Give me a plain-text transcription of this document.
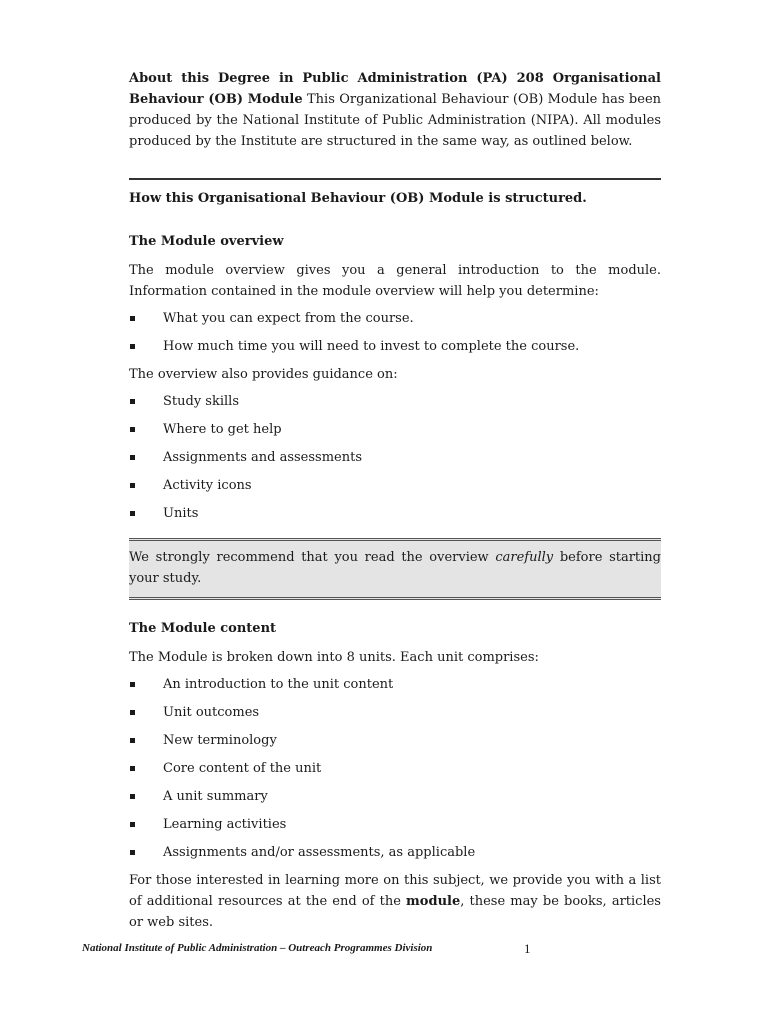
About this Degree in Public Administration (PA) 208 Organisational Behaviour (OB) Module This Organizational Behaviour (OB) Module has been produced by the National Institute of Public Administration (NIPA). All modules produced by the Institute are structured in the same way, as outlined below.

How this Organisational Behaviour (OB) Module is structured.

The Module overview

The module overview gives you a general introduction to the module. Information contained in the module overview will help you determine:

What you can expect from the course.
How much time you will need to invest to complete the course.

The overview also provides guidance on:

Study skills
Where to get help
Assignments and assessments
Activity icons
Units

We strongly recommend that you read the overview carefully before starting your study.

The Module content

The Module is broken down into 8 units. Each unit comprises:

An introduction to the unit content
Unit outcomes
New terminology
Core content of the unit
A unit summary
Learning activities
Assignments and/or assessments, as applicable

For those interested in learning more on this subject, we provide you with a list of additional resources at the end of the module, these may be books, articles or web sites.

National Institute of Public Administration – Outreach Programmes Division	1
